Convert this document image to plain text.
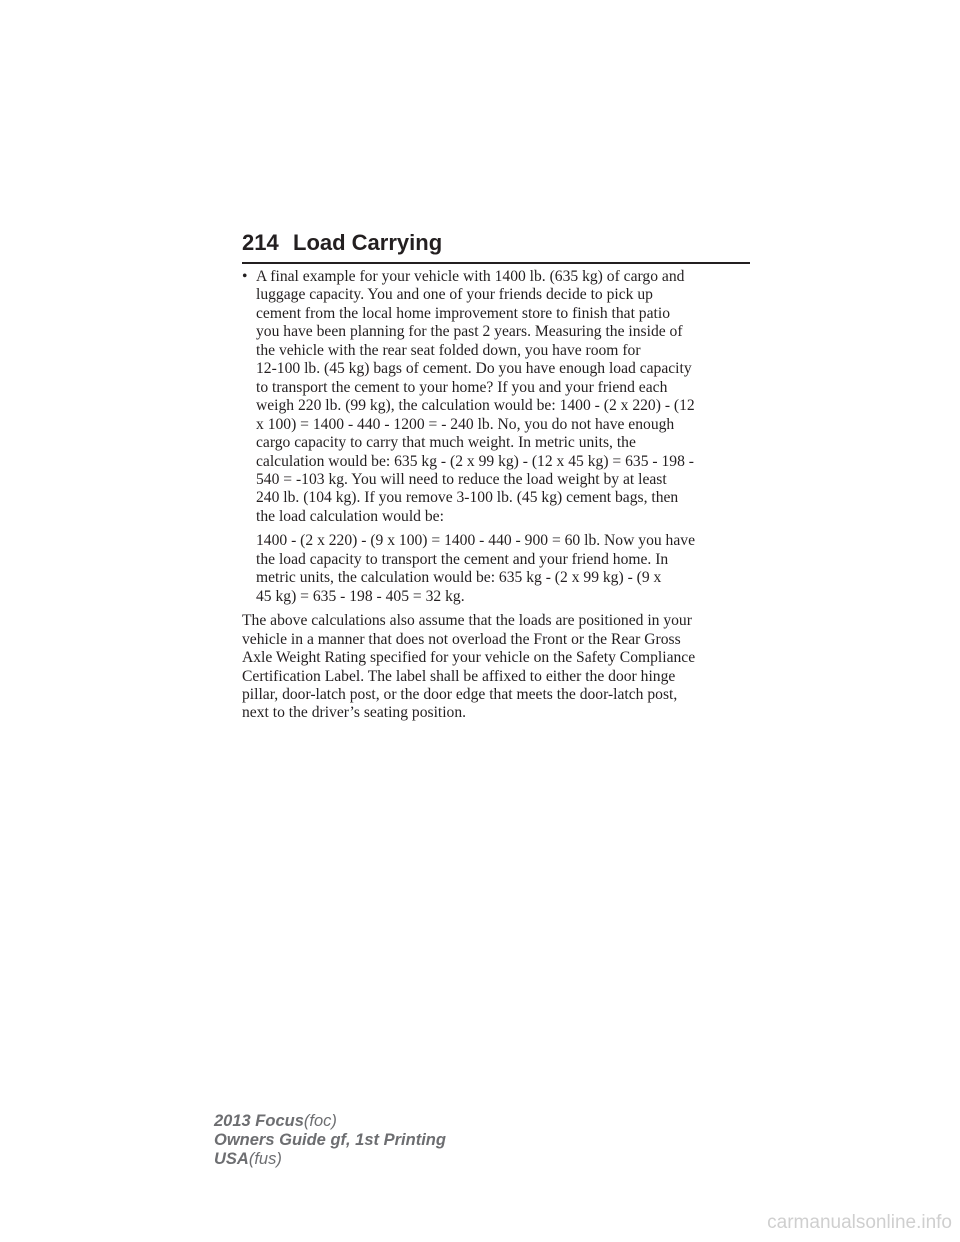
214 Load Carrying
• A final example for your vehicle with 1400 lb. (635 kg) of cargo and
luggage capacity. You and one of your friends decide to pick up
cement from the local home improvement store to finish that patio
you have been planning for the past 2 years. Measuring the inside of
the vehicle with the rear seat folded down, you have room for
12-100 lb. (45 kg) bags of cement. Do you have enough load capacity
to transport the cement to your home? If you and your friend each
weigh 220 lb. (99 kg), the calculation would be: 1400 - (2 x 220) - (12
x 100) = 1400 - 440 - 1200 = - 240 lb. No, you do not have enough
cargo capacity to carry that much weight. In metric units, the
calculation would be: 635 kg - (2 x 99 kg) - (12 x 45 kg) = 635 - 198 -
540 = -103 kg. You will need to reduce the load weight by at least
240 lb. (104 kg). If you remove 3-100 lb. (45 kg) cement bags, then
the load calculation would be:

1400 - (2 x 220) - (9 x 100) = 1400 - 440 - 900 = 60 lb. Now you have
the load capacity to transport the cement and your friend home. In
metric units, the calculation would be: 635 kg - (2 x 99 kg) - (9 x
45 kg) = 635 - 198 - 405 = 32 kg.

The above calculations also assume that the loads are positioned in your
vehicle in a manner that does not overload the Front or the Rear Gross
Axle Weight Rating specified for your vehicle on the Safety Compliance
Certification Label. The label shall be affixed to either the door hinge
pillar, door-latch post, or the door edge that meets the door-latch post,
next to the driver’s seating position.

2013 Focus(foc)
Owners Guide gf, 1st Printing
USA(fus)
carmanualsonline.info
